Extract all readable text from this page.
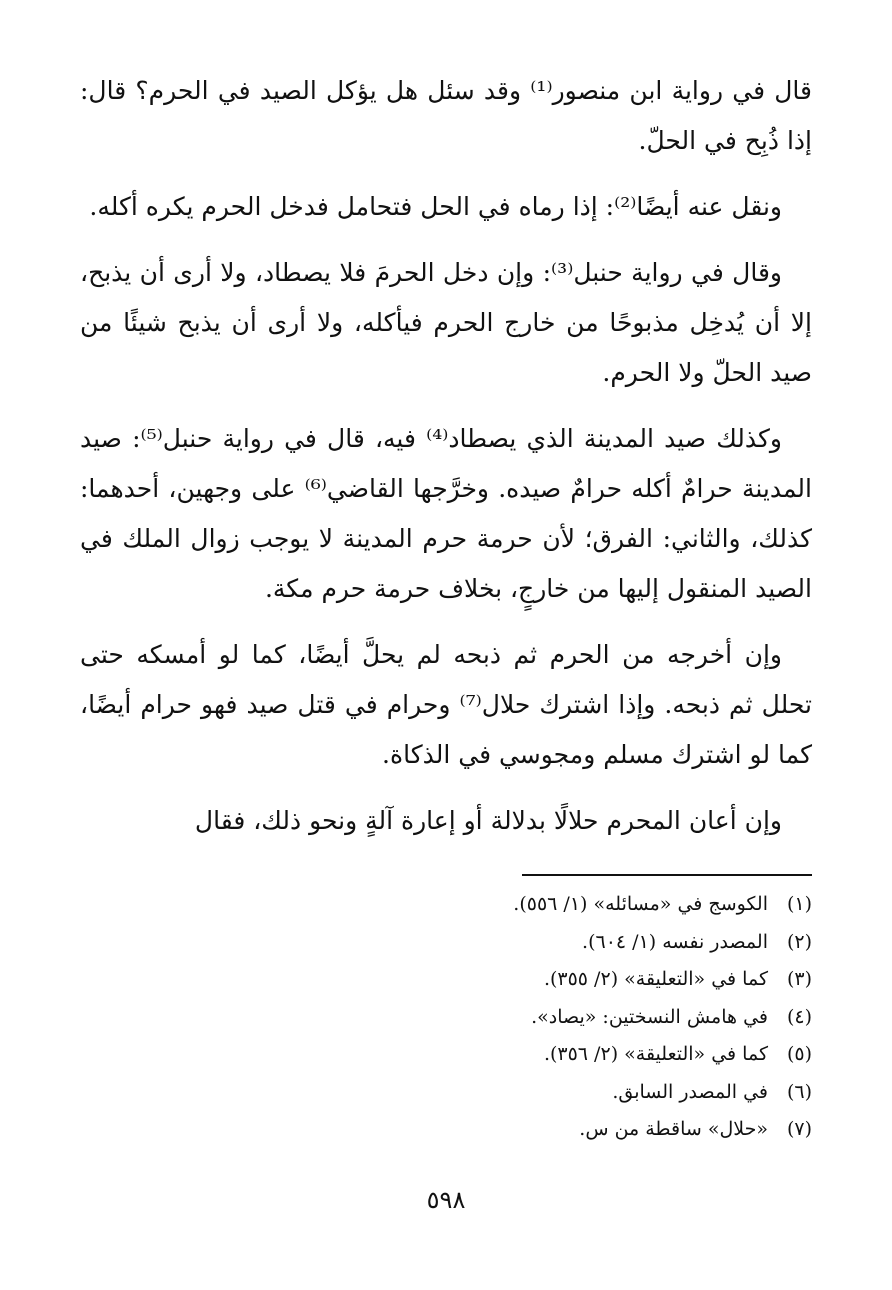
قال في رواية ابن منصور⁽¹⁾ وقد سئل هل يؤكل الصيد في الحرم؟ قال: إذا ذُبِح في الحلّ.

ونقل عنه أيضًا⁽²⁾: إذا رماه في الحل فتحامل فدخل الحرم يكره أكله.

وقال في رواية حنبل⁽³⁾: وإن دخل الحرمَ فلا يصطاد، ولا أرى أن يذبح، إلا أن يُدخِل مذبوحًا من خارج الحرم فيأكله، ولا أرى أن يذبح شيئًا من صيد الحلّ ولا الحرم.

وكذلك صيد المدينة الذي يصطاد⁽⁴⁾ فيه، قال في رواية حنبل⁽⁵⁾: صيد المدينة حرامٌ أكله حرامٌ صيده. وخرَّجها القاضي⁽⁶⁾ على وجهين، أحدهما: كذلك، والثاني: الفرق؛ لأن حرمة حرم المدينة لا يوجب زوال الملك في الصيد المنقول إليها من خارجٍ، بخلاف حرمة حرم مكة.

وإن أخرجه من الحرم ثم ذبحه لم يحلَّ أيضًا، كما لو أمسكه حتى تحلل ثم ذبحه. وإذا اشترك حلال⁽⁷⁾ وحرام في قتل صيد فهو حرام أيضًا، كما لو اشترك مسلم ومجوسي في الذكاة.

وإن أعان المحرم حلالًا بدلالة أو إعارة آلةٍ ونحو ذلك، فقال

(١)الكوسج في «مسائله» (١/ ٥٥٦).
(٢)المصدر نفسه (١/ ٦٠٤).
(٣)كما في «التعليقة» (٢/ ٣٥٥).
(٤)في هامش النسختين: «يصاد».
(٥)كما في «التعليقة» (٢/ ٣٥٦).
(٦)في المصدر السابق.
(٧)«حلال» ساقطة من س.
٥٩٨
